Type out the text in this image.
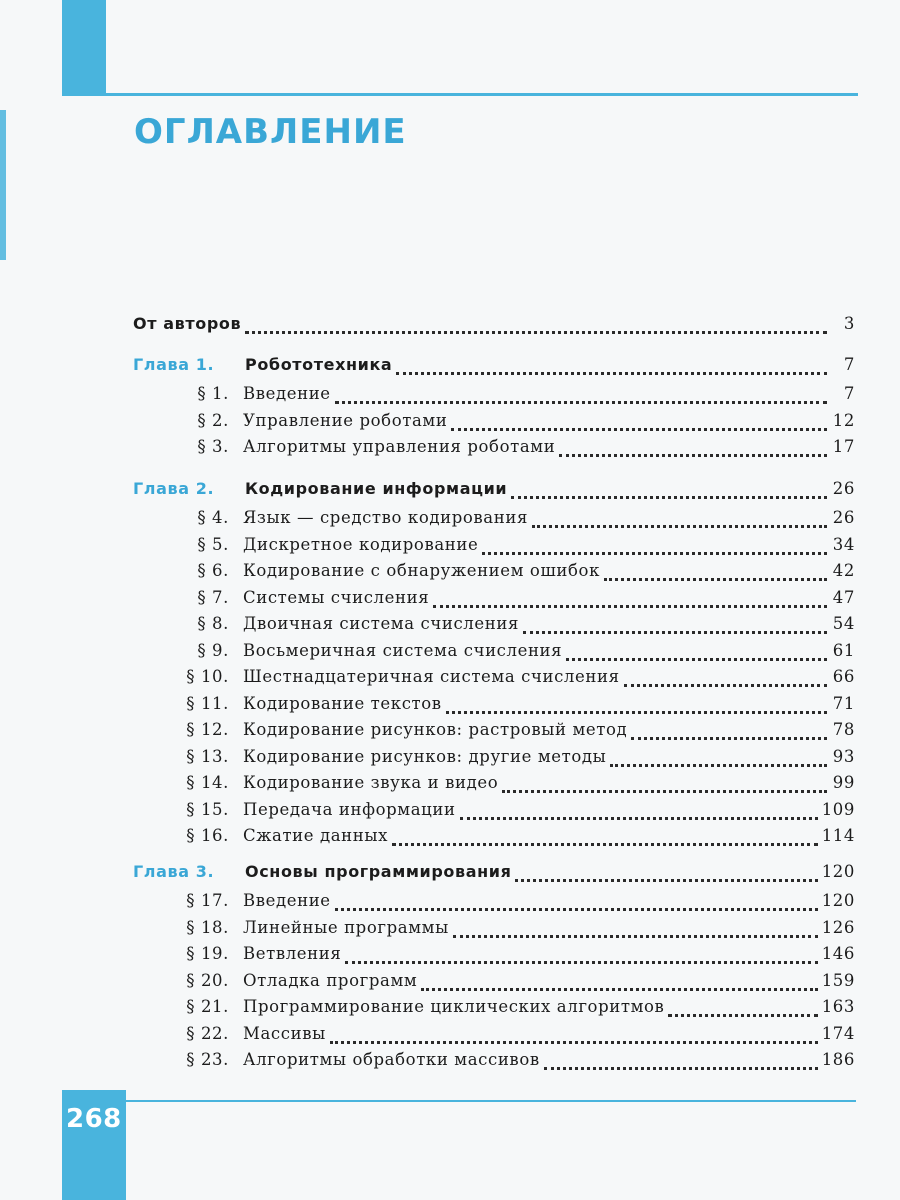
ОГЛАВЛЕНИЕ
От авторов	3
Глава 1.	Робототехника	7
§ 1. Введение	7
§ 2. Управление роботами	12
§ 3. Алгоритмы управления роботами	17
Глава 2.	Кодирование информации	26
§ 4. Язык — средство кодирования	26
§ 5. Дискретное кодирование	34
§ 6. Кодирование с обнаружением ошибок	42
§ 7. Системы счисления	47
§ 8. Двоичная система счисления	54
§ 9. Восьмеричная система счисления	61
§ 10. Шестнадцатеричная система счисления	66
§ 11. Кодирование текстов	71
§ 12. Кодирование рисунков: растровый метод	78
§ 13. Кодирование рисунков: другие методы	93
§ 14. Кодирование звука и видео	99
§ 15. Передача информации	109
§ 16. Сжатие данных	114
Глава 3.	Основы программирования	120
§ 17. Введение	120
§ 18. Линейные программы	126
§ 19. Ветвления	146
§ 20. Отладка программ	159
§ 21. Программирование циклических алгоритмов	163
§ 22. Массивы	174
§ 23. Алгоритмы обработки массивов	186
268
